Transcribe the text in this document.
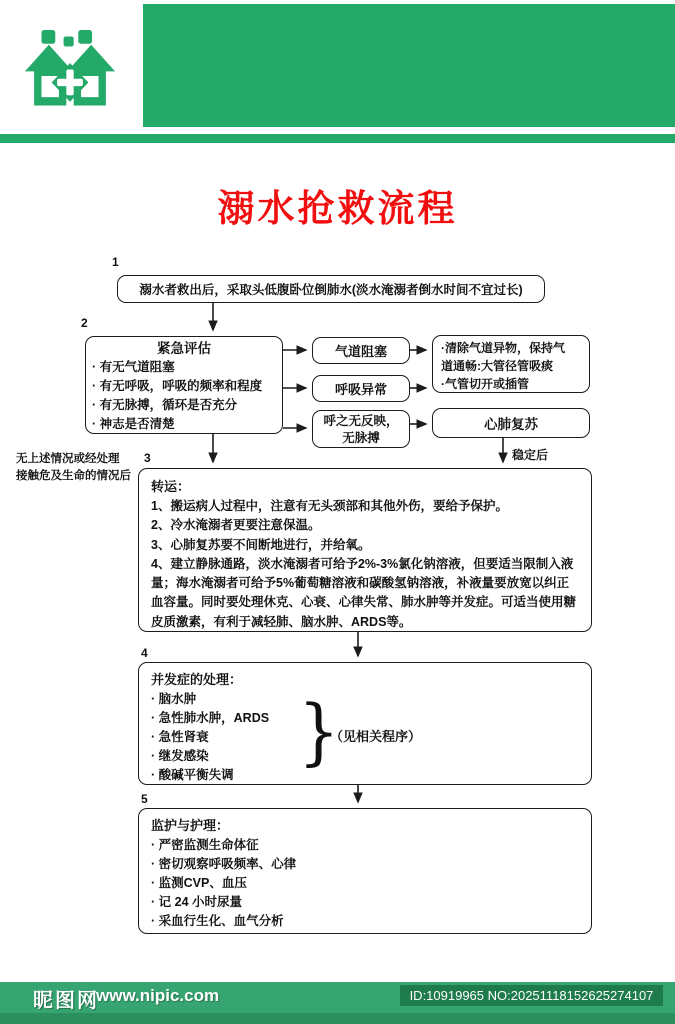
溺水抢救流程
1
溺水者救出后，采取头低腹卧位倒肺水(淡水淹溺者倒水时间不宜过长)
2
紧急评估
· 有无气道阻塞
· 有无呼吸，呼吸的频率和程度
· 有无脉搏，循环是否充分
· 神志是否清楚
气道阻塞
呼吸异常
呼之无反映，
无脉搏
·清除气道异物，保持气
道通畅:大管径管吸痰
·气管切开或插管
心肺复苏
稳定后
无上述情况或经处理
接触危及生命的情况后
3
转运：
1、搬运病人过程中，注意有无头颈部和其他外伤，要给予保护。
2、冷水淹溺者更要注意保温。
3、心肺复苏要不间断地进行，并给氧。
4、建立静脉通路，淡水淹溺者可给予2%-3%氯化钠溶液，但要适当限制入液量；海水淹溺者可给予5%葡萄糖溶液和碳酸氢钠溶液，补液量要放宽以纠正血容量。同时要处理休克、心衰、心律失常、肺水肿等并发症。可适当使用糖皮质激素，有利于减轻肺、脑水肿、ARDS等。
4
并发症的处理：
· 脑水肿
· 急性肺水肿，ARDS
· 急性肾衰
· 继发感染
· 酸碱平衡失调
}
（见相关程序）
5
监护与护理：
· 严密监测生命体征
· 密切观察呼吸频率、心律
· 监测CVP、血压
· 记 24 小时尿量
· 采血行生化、血气分析
昵图网
www.nipic.com	ID:10919965 NO:20251118152625274107
